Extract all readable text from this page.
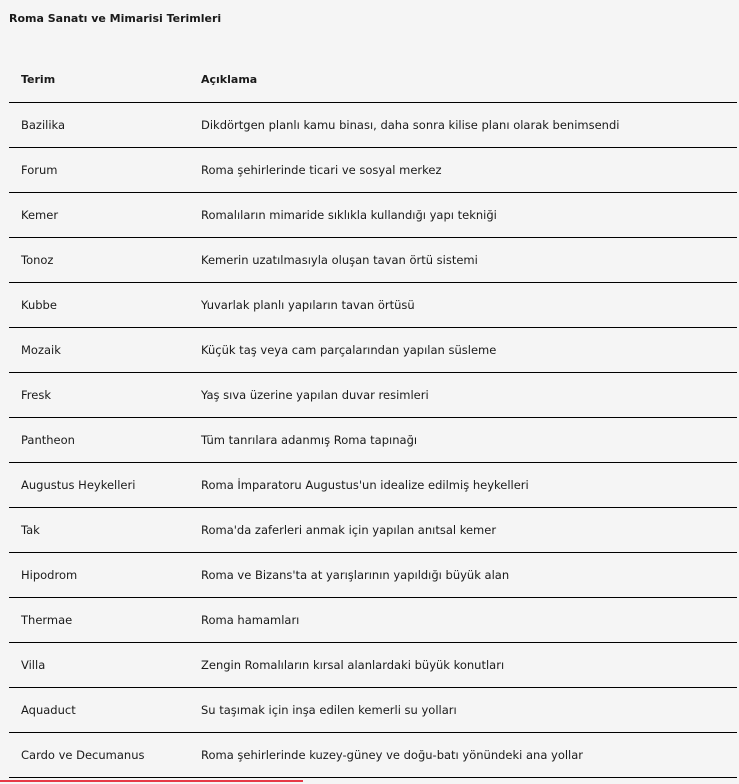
Roma Sanatı ve Mimarisi Terimleri
Terim	Açıklama
Bazilika	Dikdörtgen planlı kamu binası, daha sonra kilise planı olarak benimsendi
Forum	Roma şehirlerinde ticari ve sosyal merkez
Kemer	Romalıların mimaride sıklıkla kullandığı yapı tekniği
Tonoz	Kemerin uzatılmasıyla oluşan tavan örtü sistemi
Kubbe	Yuvarlak planlı yapıların tavan örtüsü
Mozaik	Küçük taş veya cam parçalarından yapılan süsleme
Fresk	Yaş sıva üzerine yapılan duvar resimleri
Pantheon	Tüm tanrılara adanmış Roma tapınağı
Augustus Heykelleri	Roma İmparatoru Augustus'un idealize edilmiş heykelleri
Tak	Roma'da zaferleri anmak için yapılan anıtsal kemer
Hipodrom	Roma ve Bizans'ta at yarışlarının yapıldığı büyük alan
Thermae	Roma hamamları
Villa	Zengin Romalıların kırsal alanlardaki büyük konutları
Aquaduct	Su taşımak için inşa edilen kemerli su yolları
Cardo ve Decumanus	Roma şehirlerinde kuzey-güney ve doğu-batı yönündeki ana yollar
